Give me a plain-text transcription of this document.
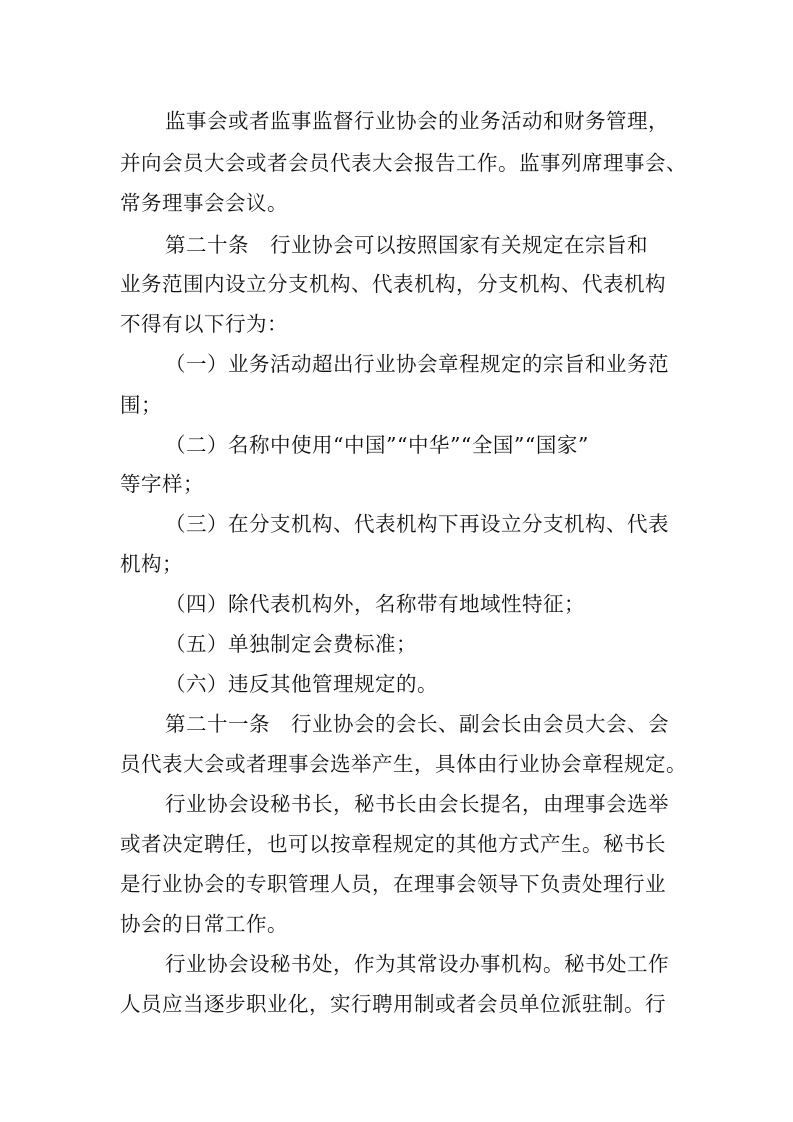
监事会或者监事监督行业协会的业务活动和财务管理，

并向会员大会或者会员代表大会报告工作。监事列席理事会、

常务理事会会议。

第二十条　行业协会可以按照国家有关规定在宗旨和

业务范围内设立分支机构、代表机构，分支机构、代表机构

不得有以下行为：

（一）业务活动超出行业协会章程规定的宗旨和业务范

围；

（二）名称中使用“中国”“中华”“全国”“国家”

等字样；

（三）在分支机构、代表机构下再设立分支机构、代表

机构；

（四）除代表机构外，名称带有地域性特征；

（五）单独制定会费标准；

（六）违反其他管理规定的。

第二十一条　行业协会的会长、副会长由会员大会、会

员代表大会或者理事会选举产生，具体由行业协会章程规定。

行业协会设秘书长，秘书长由会长提名，由理事会选举

或者决定聘任，也可以按章程规定的其他方式产生。秘书长

是行业协会的专职管理人员，在理事会领导下负责处理行业

协会的日常工作。

行业协会设秘书处，作为其常设办事机构。秘书处工作

人员应当逐步职业化，实行聘用制或者会员单位派驻制。行
